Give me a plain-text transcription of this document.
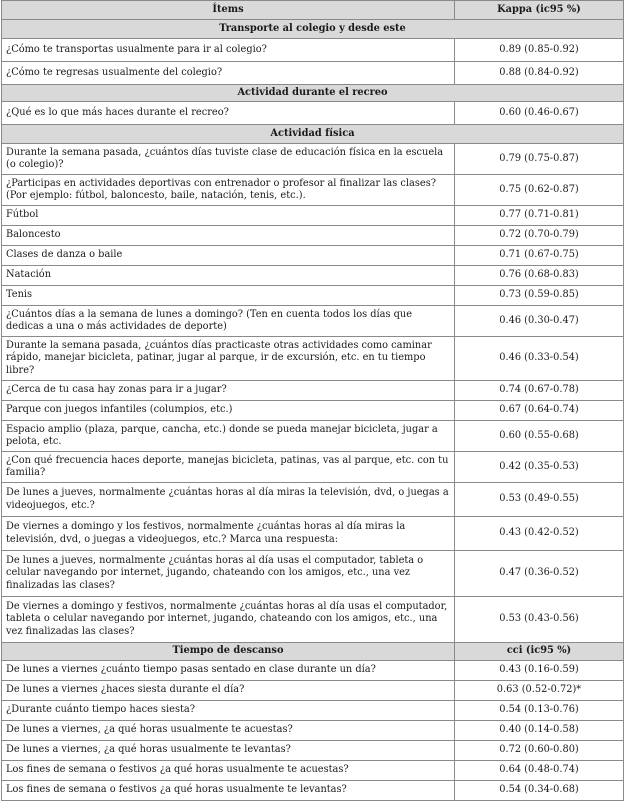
Ítems	Kappa (ic95 %)
Transporte al colegio y desde este	
¿Cómo te transportas usualmente para ir al colegio?	0.89 (0.85-0.92)
¿Cómo te regresas usualmente del colegio?	0.88 (0.84-0.92)
Actividad durante el recreo	
¿Qué es lo que más haces durante el recreo?	0.60 (0.46-0.67)
Actividad física	
Durante la semana pasada, ¿cuántos días tuviste clase de educación física en la escuela (o colegio)?	0.79 (0.75-0.87)
¿Participas en actividades deportivas con entrenador o profesor al finalizar las clases? (Por ejemplo: fútbol, baloncesto, baile, natación, tenis, etc.).	0.75 (0.62-0.87)
Fútbol	0.77 (0.71-0.81)
Baloncesto	0.72 (0.70-0.79)
Clases de danza o baile	0.71 (0.67-0.75)
Natación	0.76 (0.68-0.83)
Tenis	0.73 (0.59-0.85)
¿Cuántos días a la semana de lunes a domingo? (Ten en cuenta todos los días que dedicas a una o más actividades de deporte)	0.46 (0.30-0.47)
Durante la semana pasada, ¿cuántos días practicaste otras actividades como caminar rápido, manejar bicicleta, patinar, jugar al parque, ir de excursión, etc. en tu tiempo libre?	0.46 (0.33-0.54)
¿Cerca de tu casa hay zonas para ir a jugar?	0.74 (0.67-0.78)
Parque con juegos infantiles (columpios, etc.)	0.67 (0.64-0.74)
Espacio amplio (plaza, parque, cancha, etc.) donde se pueda manejar bicicleta, jugar a pelota, etc.	0.60 (0.55-0.68)
¿Con qué frecuencia haces deporte, manejas bicicleta, patinas, vas al parque, etc. con tu familia?	0.42 (0.35-0.53)
De lunes a jueves, normalmente ¿cuántas horas al día miras la televisión, dvd, o juegas a videojuegos, etc.?	0.53 (0.49-0.55)
De viernes a domingo y los festivos, normalmente ¿cuántas horas al día miras la televisión, dvd, o juegas a videojuegos, etc.? Marca una respuesta:	0.43 (0.42-0.52)
De lunes a jueves, normalmente ¿cuántas horas al día usas el computador, tableta o celular navegando por internet, jugando, chateando con los amigos, etc., una vez finalizadas las clases?	0.47 (0.36-0.52)
De viernes a domingo y festivos, normalmente ¿cuántas horas al día usas el computador, tableta o celular navegando por internet, jugando, chateando con los amigos, etc., una vez finalizadas las clases?	0.53 (0.43-0.56)
Tiempo de descanso	cci (ic95 %)
De lunes a viernes ¿cuánto tiempo pasas sentado en clase durante un día?	0.43 (0.16-0.59)
De lunes a viernes ¿haces siesta durante el día?	0.63 (0.52-0.72)*
¿Durante cuánto tiempo haces siesta?	0.54 (0.13-0.76)
De lunes a viernes, ¿a qué horas usualmente te acuestas?	0.40 (0.14-0.58)
De lunes a viernes, ¿a qué horas usualmente te levantas?	0.72 (0.60-0.80)
Los fines de semana o festivos ¿a qué horas usualmente te acuestas?	0.64 (0.48-0.74)
Los fines de semana o festivos ¿a qué horas usualmente te levantas?	0.54 (0.34-0.68)
